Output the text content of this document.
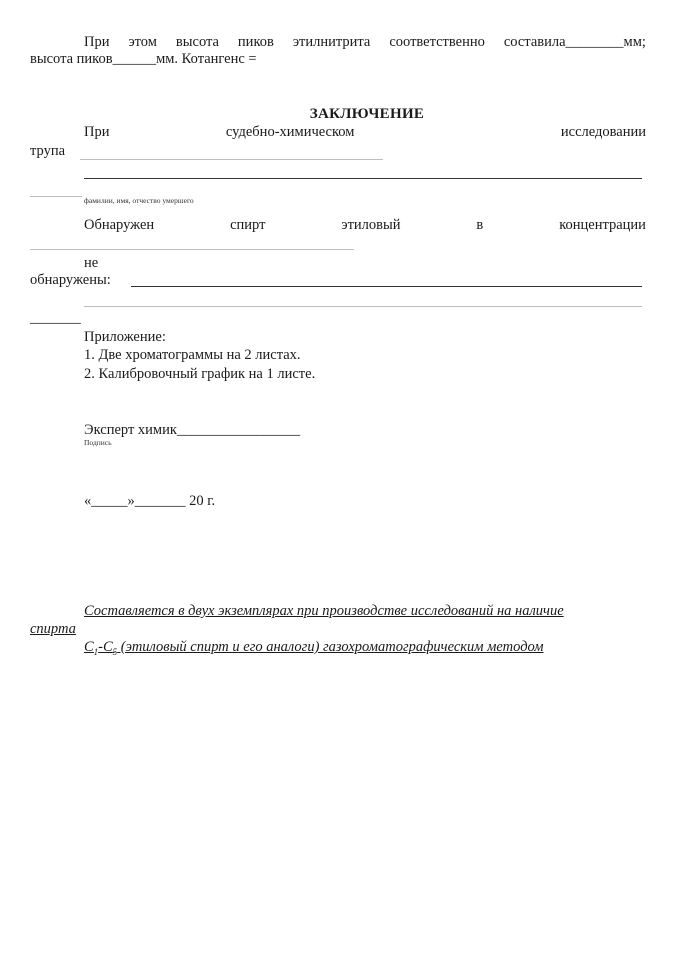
При этом высота пиков этилнитрита соответственно составила________мм;
высота пиков______мм. Котангенс =
ЗАКЛЮЧЕНИЕ
При	судебно-химическом	исследовании
трупа
фамилии, имя, отчество умершего
Обнаружен	спирт	этиловый	в	концентрации
не
обнаружены:
_______
Приложение:
1. Две хроматограммы на 2 листах.
2. Калибровочный график на 1 листе.
Эксперт химик_________________
Подпись
«_____»_______ 20 г.
Составляется в двух экземплярах при производстве исследований на наличие
спирта
$C_1-C_5$ (этиловый спирт и его аналоги) газохроматографическим методом
